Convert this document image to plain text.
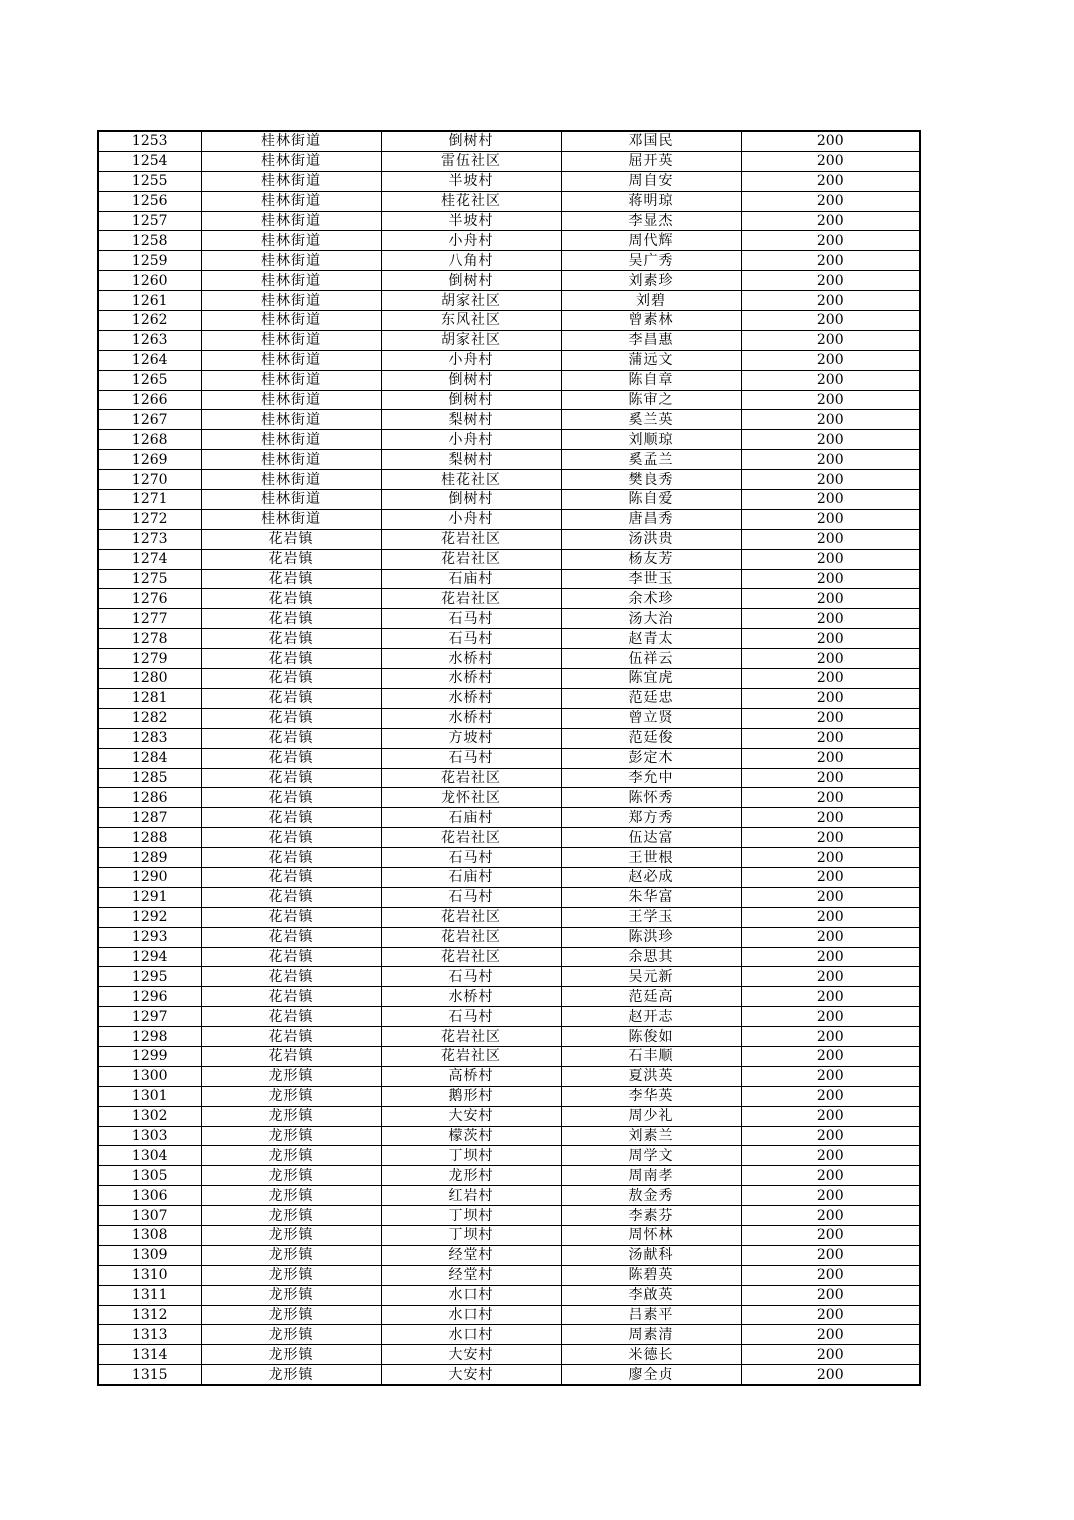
1253	桂林街道	倒树村	邓国民	200
1254	桂林街道	雷伍社区	屈开英	200
1255	桂林街道	半坡村	周自安	200
1256	桂林街道	桂花社区	蒋明琼	200
1257	桂林街道	半坡村	李显杰	200
1258	桂林街道	小舟村	周代辉	200
1259	桂林街道	八角村	吴广秀	200
1260	桂林街道	倒树村	刘素珍	200
1261	桂林街道	胡家社区	刘碧	200
1262	桂林街道	东风社区	曾素林	200
1263	桂林街道	胡家社区	李昌惠	200
1264	桂林街道	小舟村	蒲远文	200
1265	桂林街道	倒树村	陈自章	200
1266	桂林街道	倒树村	陈审之	200
1267	桂林街道	梨树村	奚兰英	200
1268	桂林街道	小舟村	刘顺琼	200
1269	桂林街道	梨树村	奚孟兰	200
1270	桂林街道	桂花社区	樊良秀	200
1271	桂林街道	倒树村	陈自爱	200
1272	桂林街道	小舟村	唐昌秀	200
1273	花岩镇	花岩社区	汤洪贵	200
1274	花岩镇	花岩社区	杨友芳	200
1275	花岩镇	石庙村	李世玉	200
1276	花岩镇	花岩社区	余术珍	200
1277	花岩镇	石马村	汤大治	200
1278	花岩镇	石马村	赵青太	200
1279	花岩镇	水桥村	伍祥云	200
1280	花岩镇	水桥村	陈宜虎	200
1281	花岩镇	水桥村	范廷忠	200
1282	花岩镇	水桥村	曾立贤	200
1283	花岩镇	方坡村	范廷俊	200
1284	花岩镇	石马村	彭定木	200
1285	花岩镇	花岩社区	李允中	200
1286	花岩镇	龙怀社区	陈怀秀	200
1287	花岩镇	石庙村	郑方秀	200
1288	花岩镇	花岩社区	伍达富	200
1289	花岩镇	石马村	王世根	200
1290	花岩镇	石庙村	赵必成	200
1291	花岩镇	石马村	朱华富	200
1292	花岩镇	花岩社区	王学玉	200
1293	花岩镇	花岩社区	陈洪珍	200
1294	花岩镇	花岩社区	余思其	200
1295	花岩镇	石马村	吴元新	200
1296	花岩镇	水桥村	范廷高	200
1297	花岩镇	石马村	赵开志	200
1298	花岩镇	花岩社区	陈俊如	200
1299	花岩镇	花岩社区	石丰顺	200
1300	龙形镇	高桥村	夏洪英	200
1301	龙形镇	鹅形村	李华英	200
1302	龙形镇	大安村	周少礼	200
1303	龙形镇	檬茨村	刘素兰	200
1304	龙形镇	丁坝村	周学文	200
1305	龙形镇	龙形村	周南孝	200
1306	龙形镇	红岩村	敖金秀	200
1307	龙形镇	丁坝村	李素芬	200
1308	龙形镇	丁坝村	周怀林	200
1309	龙形镇	经堂村	汤献科	200
1310	龙形镇	经堂村	陈碧英	200
1311	龙形镇	水口村	李啟英	200
1312	龙形镇	水口村	吕素平	200
1313	龙形镇	水口村	周素清	200
1314	龙形镇	大安村	米德长	200
1315	龙形镇	大安村	廖全贞	200
